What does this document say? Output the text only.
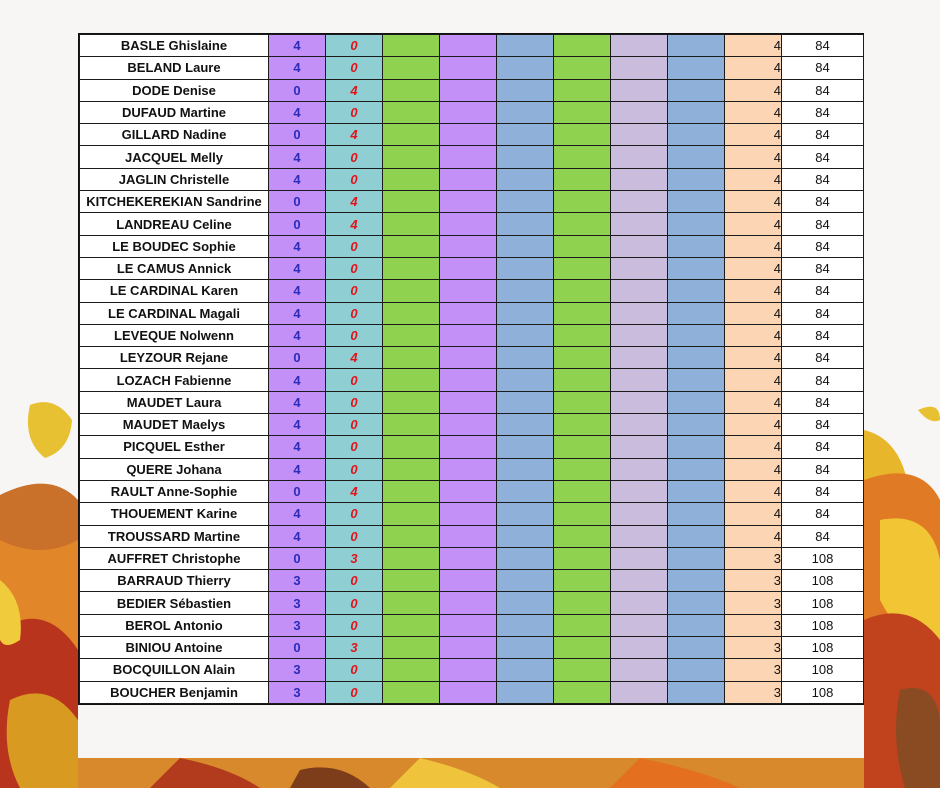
BASLE Ghislaine	4	0							4	84
BELAND Laure	4	0							4	84
DODE Denise	0	4							4	84
DUFAUD Martine	4	0							4	84
GILLARD Nadine	0	4							4	84
JACQUEL Melly	4	0							4	84
JAGLIN Christelle	4	0							4	84
KITCHEKEREKIAN Sandrine	0	4							4	84
LANDREAU Celine	0	4							4	84
LE BOUDEC Sophie	4	0							4	84
LE CAMUS Annick	4	0							4	84
LE CARDINAL Karen	4	0							4	84
LE CARDINAL Magali	4	0							4	84
LEVEQUE Nolwenn	4	0							4	84
LEYZOUR Rejane	0	4							4	84
LOZACH Fabienne	4	0							4	84
MAUDET Laura	4	0							4	84
MAUDET Maelys	4	0							4	84
PICQUEL Esther	4	0							4	84
QUERE Johana	4	0							4	84
RAULT Anne-Sophie	0	4							4	84
THOUEMENT Karine	4	0							4	84
TROUSSARD Martine	4	0							4	84
AUFFRET Christophe	0	3							3	108
BARRAUD Thierry	3	0							3	108
BEDIER Sébastien	3	0							3	108
BEROL Antonio	3	0							3	108
BINIOU Antoine	0	3							3	108
BOCQUILLON Alain	3	0							3	108
BOUCHER Benjamin	3	0							3	108
